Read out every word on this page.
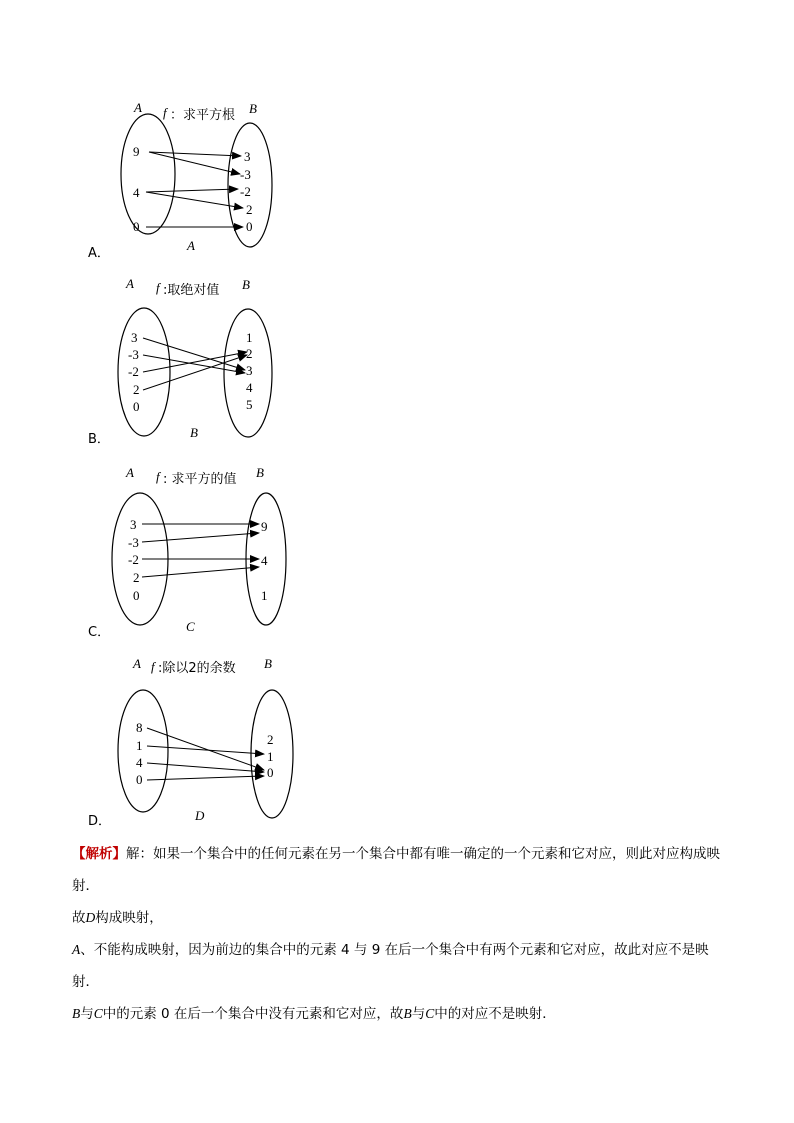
A f ：求平方根 B
9
4
0
3
-3
-2
2
0
A
A．
A f :取绝对值 B
3
-3
-2
2
0
1
2
3
4
5
B
B．
A f : 求平方的值 B
3
-3
-2
2
0
9
4
1
C
C．
A f :除以2的余数 B
8
1
4
0
2
1
0
D
D．

【解析】解：如果一个集合中的任何元素在另一个集合中都有唯一确定的一个元素和它对应，则此对应构成映射．

故D构成映射，

A、不能构成映射，因为前边的集合中的元素 4 与 9 在后一个集合中有两个元素和它对应，故此对应不是映射．

B与C中的元素 0 在后一个集合中没有元素和它对应，故B与C中的对应不是映射．
